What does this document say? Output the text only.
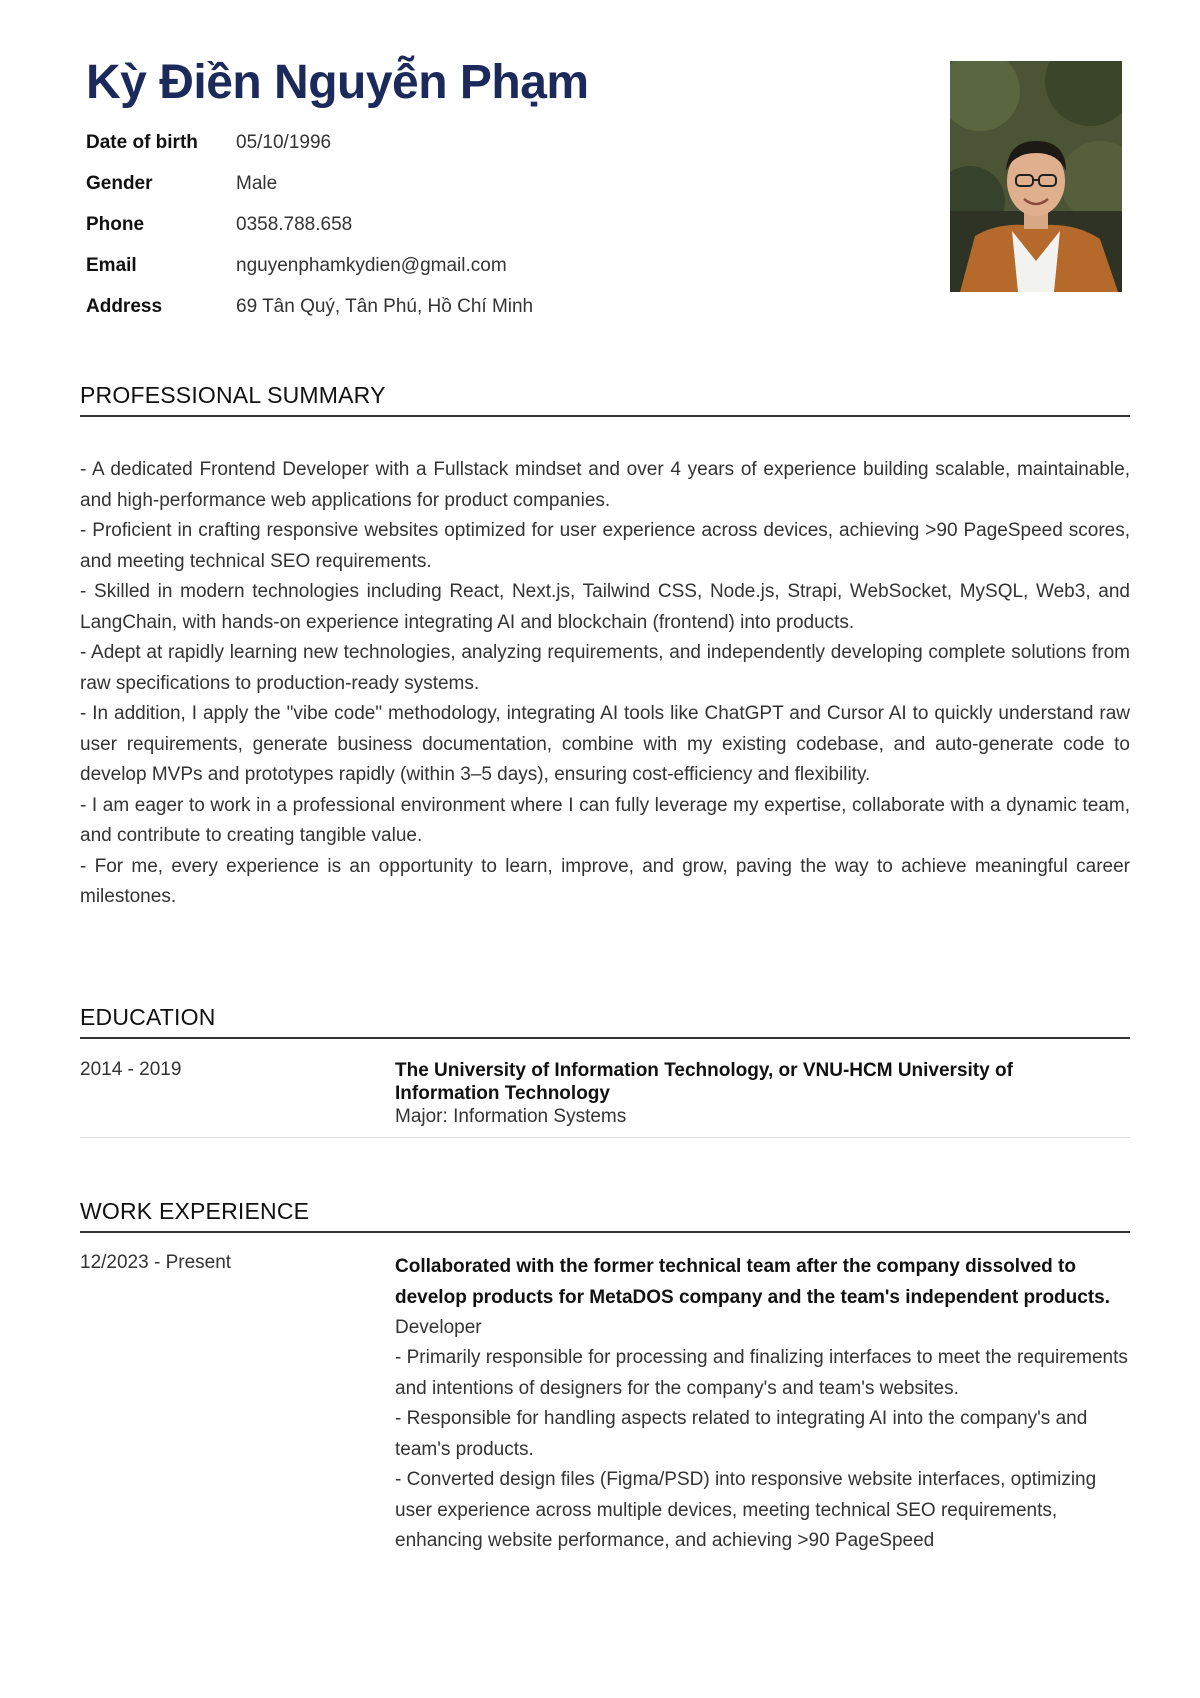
Kỳ Điền Nguyễn Phạm
Date of birth	05/10/1996
Gender	Male
Phone	0358.788.658
Email	nguyenphamkydien@gmail.com
Address	69 Tân Quý, Tân Phú, Hồ Chí Minh
PROFESSIONAL SUMMARY

- A dedicated Frontend Developer with a Fullstack mindset and over 4 years of experience building scalable, maintainable, and high-performance web applications for product companies.

- Proficient in crafting responsive websites optimized for user experience across devices, achieving >90 PageSpeed scores, and meeting technical SEO requirements.

- Skilled in modern technologies including React, Next.js, Tailwind CSS, Node.js, Strapi, WebSocket, MySQL, Web3, and LangChain, with hands-on experience integrating AI and blockchain (frontend) into products.

- Adept at rapidly learning new technologies, analyzing requirements, and independently developing complete solutions from raw specifications to production-ready systems.

- In addition, I apply the "vibe code" methodology, integrating AI tools like ChatGPT and Cursor AI to quickly understand raw user requirements, generate business documentation, combine with my existing codebase, and auto-generate code to develop MVPs and prototypes rapidly (within 3–5 days), ensuring cost-efficiency and flexibility.

- I am eager to work in a professional environment where I can fully leverage my expertise, collaborate with a dynamic team, and contribute to creating tangible value.

- For me, every experience is an opportunity to learn, improve, and grow, paving the way to achieve meaningful career milestones.

EDUCATION
2014 - 2019	The University of Information Technology, or VNU-HCM University of Information Technology
Major: Information Systems
WORK EXPERIENCE
12/2023 - Present	Collaborated with the former technical team after the company dissolved to develop products for MetaDOS company and the team's independent products.
Developer

- Primarily responsible for processing and finalizing interfaces to meet the requirements and intentions of designers for the company's and team's websites.

- Responsible for handling aspects related to integrating AI into the company's and team's products.

- Converted design files (Figma/PSD) into responsive website interfaces, optimizing user experience across multiple devices, meeting technical SEO requirements, enhancing website performance, and achieving >90 PageSpeed
